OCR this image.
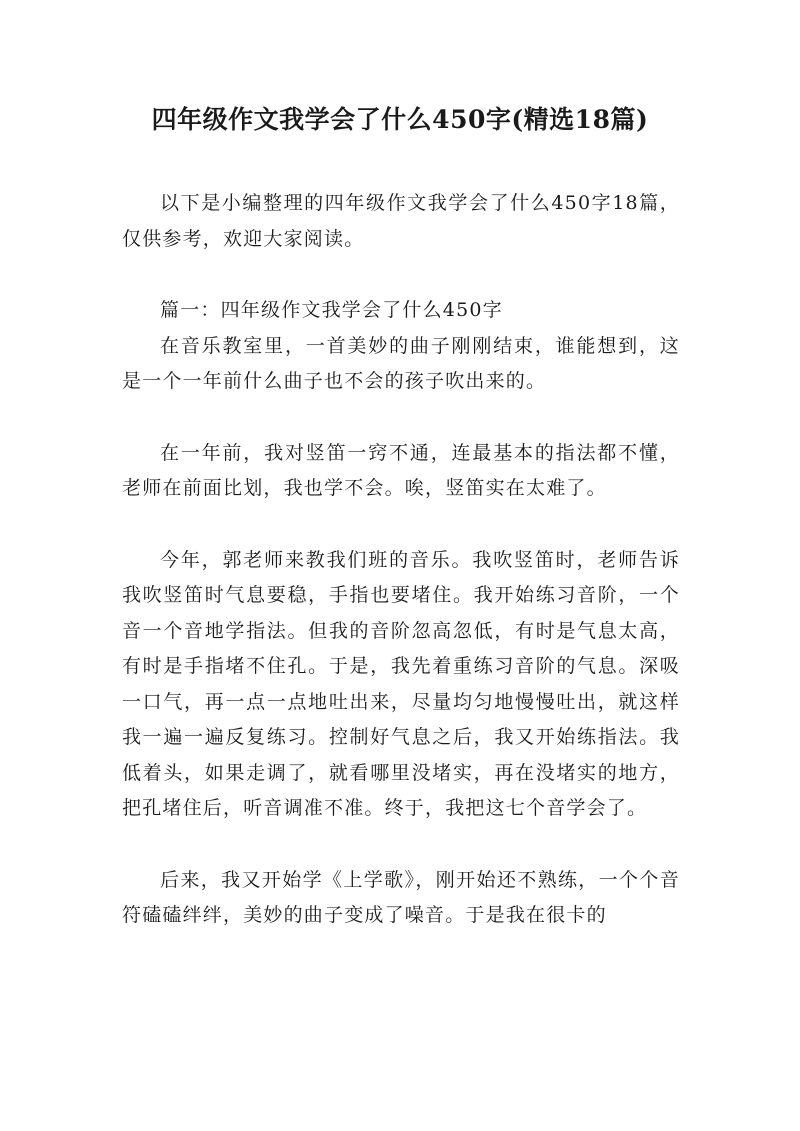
四年级作文我学会了什么450字(精选18篇)

以下是小编整理的四年级作文我学会了什么450字18篇，仅供参考，欢迎大家阅读。

篇一：四年级作文我学会了什么450字

在音乐教室里，一首美妙的曲子刚刚结束，谁能想到，这是一个一年前什么曲子也不会的孩子吹出来的。

在一年前，我对竖笛一窍不通，连最基本的指法都不懂，老师在前面比划，我也学不会。唉，竖笛实在太难了。

今年，郭老师来教我们班的音乐。我吹竖笛时，老师告诉我吹竖笛时气息要稳，手指也要堵住。我开始练习音阶，一个音一个音地学指法。但我的音阶忽高忽低，有时是气息太高，有时是手指堵不住孔。于是，我先着重练习音阶的气息。深吸一口气，再一点一点地吐出来，尽量均匀地慢慢吐出，就这样我一遍一遍反复练习。控制好气息之后，我又开始练指法。我低着头，如果走调了，就看哪里没堵实，再在没堵实的地方，把孔堵住后，听音调准不准。终于，我把这七个音学会了。

后来，我又开始学《上学歌》，刚开始还不熟练，一个个音符磕磕绊绊，美妙的曲子变成了噪音。于是我在很卡的
